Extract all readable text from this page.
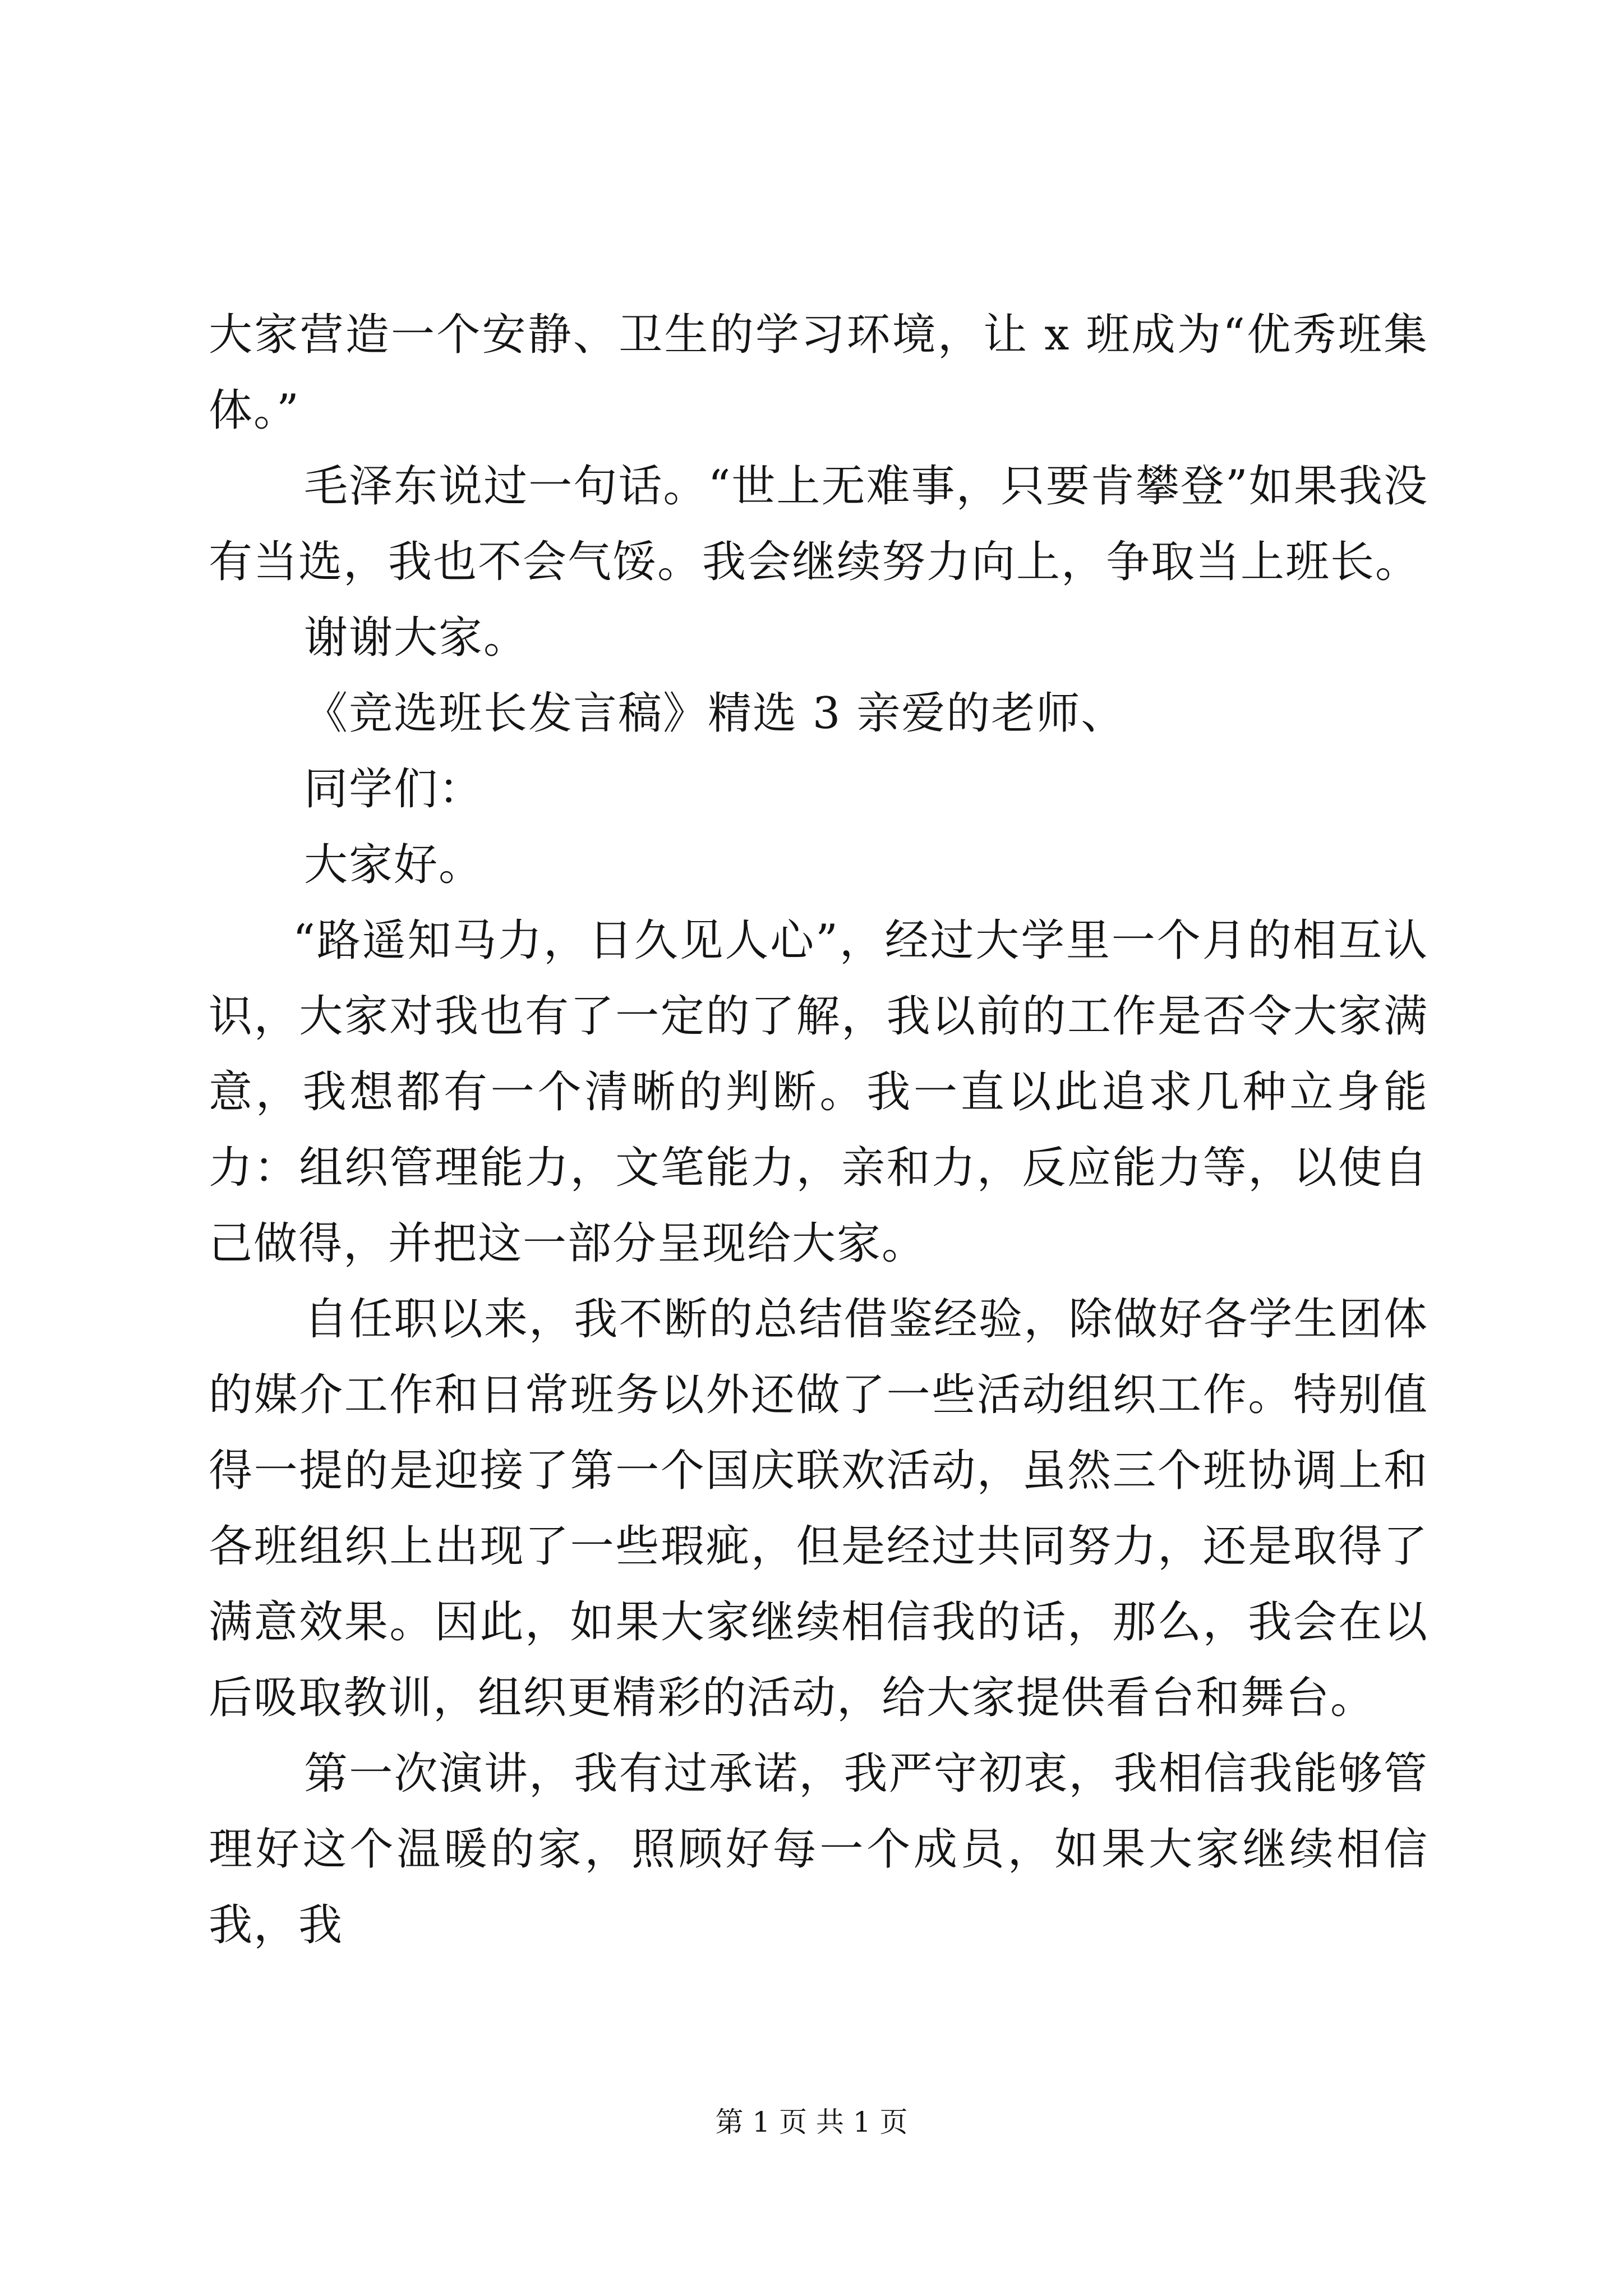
大家营造一个安静、卫生的学习环境，让 x 班成为“优秀班集体。”

毛泽东说过一句话。“世上无难事，只要肯攀登”如果我没有当选，我也不会气馁。我会继续努力向上，争取当上班长。

谢谢大家。

《竞选班长发言稿》精选 3 亲爱的老师、

同学们：

大家好。

“路遥知马力，日久见人心”，经过大学里一个月的相互认识，大家对我也有了一定的了解，我以前的工作是否令大家满意，我想都有一个清晰的判断。我一直以此追求几种立身能力：组织管理能力，文笔能力，亲和力，反应能力等，以使自己做得，并把这一部分呈现给大家。

自任职以来，我不断的总结借鉴经验，除做好各学生团体的媒介工作和日常班务以外还做了一些活动组织工作。特别值得一提的是迎接了第一个国庆联欢活动，虽然三个班协调上和各班组织上出现了一些瑕疵，但是经过共同努力，还是取得了满意效果。因此，如果大家继续相信我的话，那么，我会在以后吸取教训，组织更精彩的活动，给大家提供看台和舞台。

第一次演讲，我有过承诺，我严守初衷，我相信我能够管理好这个温暖的家，照顾好每一个成员，如果大家继续相信我，我

第 1 页 共 1 页
